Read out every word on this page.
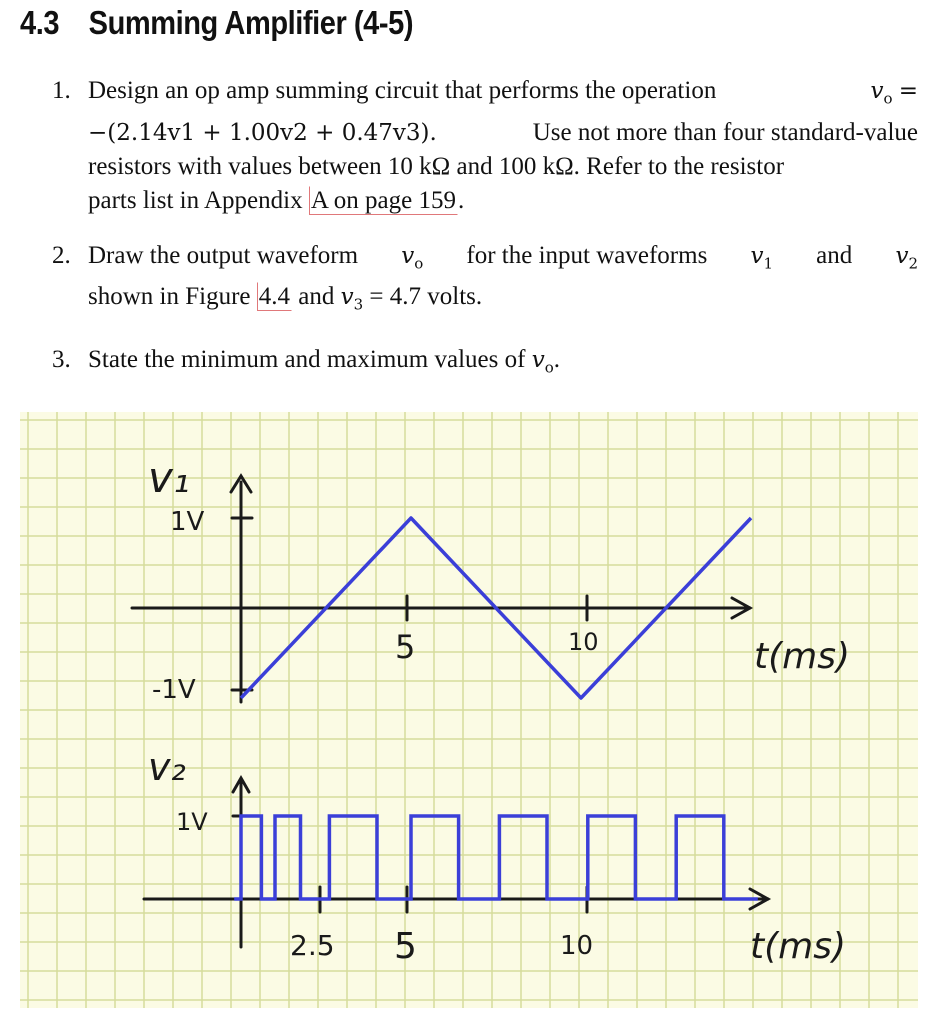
4.3 Summing Amplifier (4-5)
1. Design an op amp summing circuit that performs the operation	$v_o$ =
−(2.14v1 + 1.00v2 + 0.47v3).	Use not more than four standard-value
resistors with values between 10 kΩ and 100 kΩ. Refer to the resistor
parts list in Appendix A on page 159.
2. Draw the output waveform $v_o$ for the input waveforms $v_1$ and $v_2$
shown in Figure 4.4 and $v_3 = 4.7$ volts.
3. State the minimum and maximum values of $v_o$.
v₁
1V
-1V
5	10	t(ms)
v₂
1V
2.5 5	10	t(ms)
